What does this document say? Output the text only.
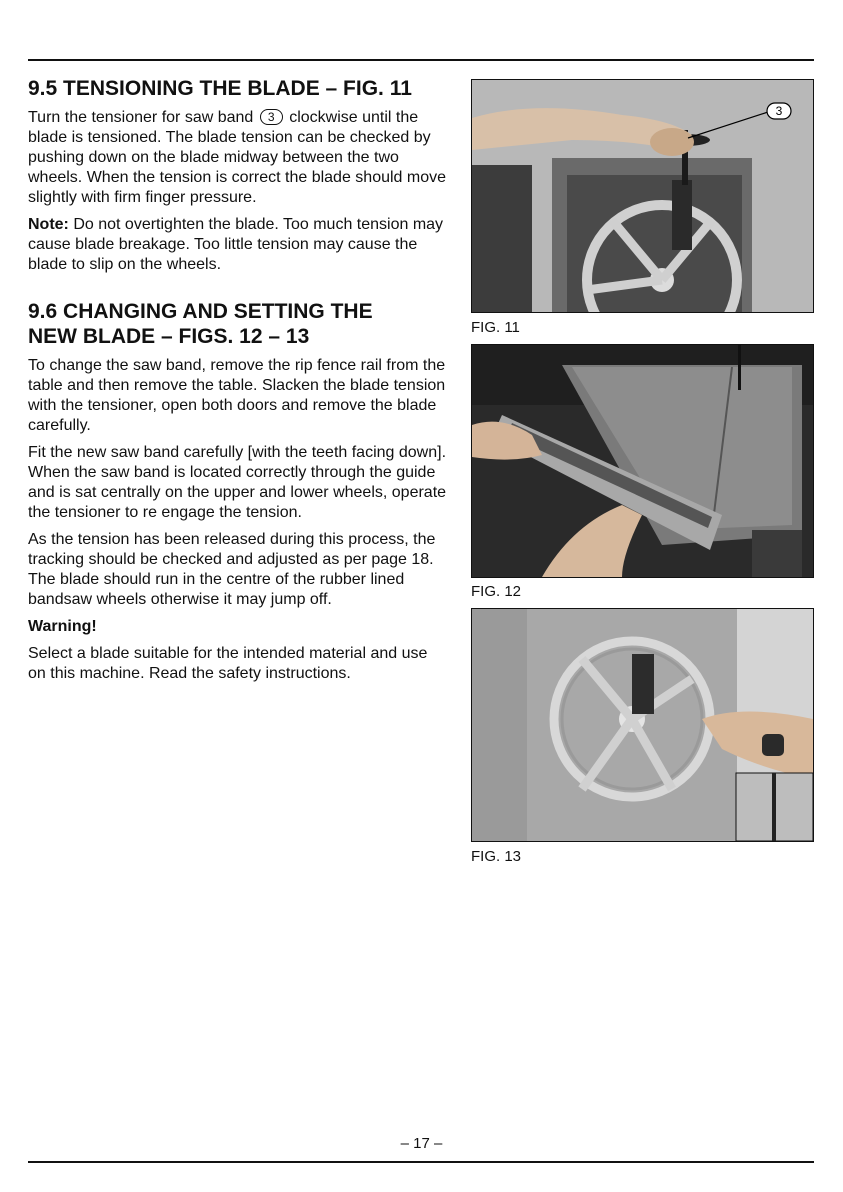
9.5 TENSIONING THE BLADE – FIG. 11

Turn the tensioner for saw band 3 clockwise until the blade is tensioned. The blade tension can be checked by pushing down on the blade midway between the two wheels. When the tension is correct the blade should move slightly with firm finger pressure.

Note: Do not overtighten the blade. Too much tension may cause blade breakage. Too little tension may cause the blade to slip on the wheels.

9.6 CHANGING AND SETTING THE
NEW BLADE – FIGS. 12 – 13

To change the saw band, remove the rip fence rail from the table and then remove the table. Slacken the blade tension with the tensioner, open both doors and remove the blade carefully.

Fit the new saw band carefully [with the teeth facing down]. When the saw band is located correctly through the guide and is sat centrally on the upper and lower wheels, operate the tensioner to re engage the tension.

As the tension has been released during this process, the tracking should be checked and adjusted as per page 18. The blade should run in the centre of the rubber lined bandsaw wheels otherwise it may jump off.

Warning!

Select a blade suitable for the intended material and use on this machine. Read the safety instructions.

3
FIG. 11
FIG. 12
FIG. 13
– 17 –
